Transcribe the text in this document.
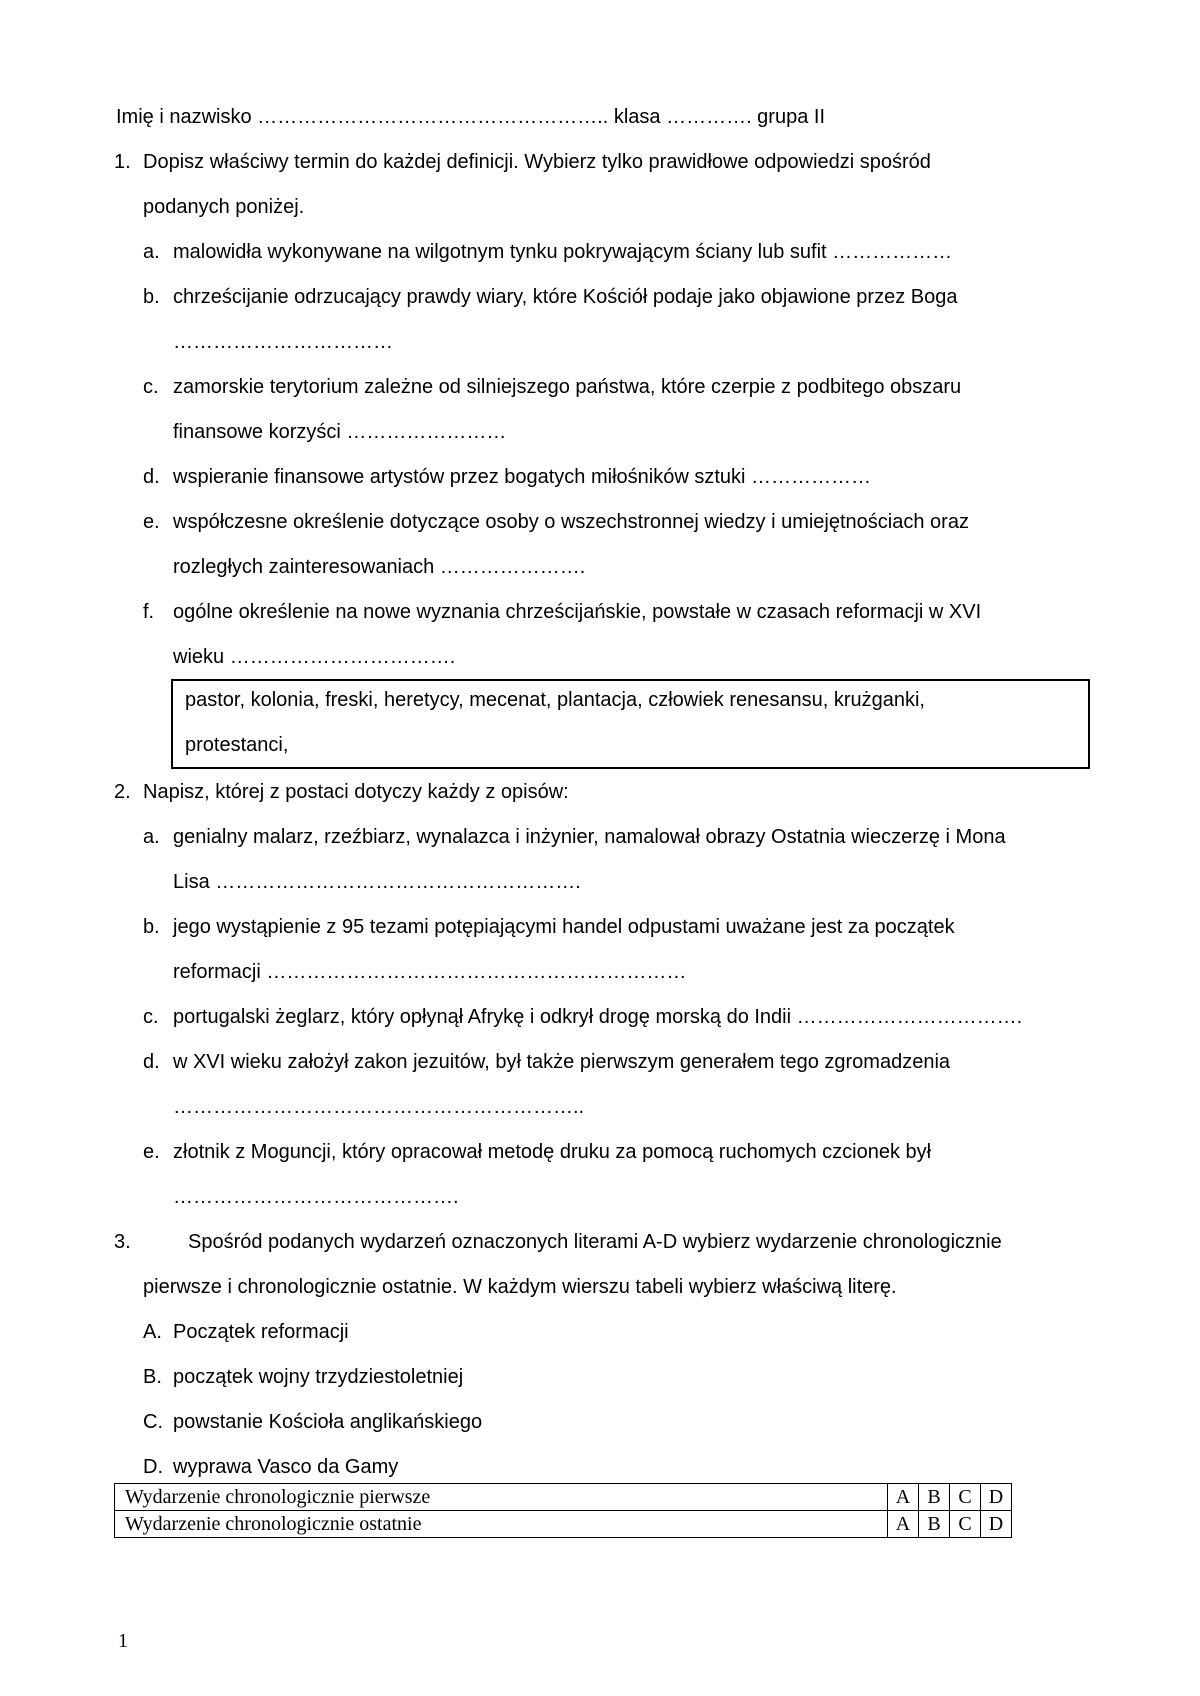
Imię i nazwisko …………………………………………….. klasa …………. grupa II
1. Dopisz właściwy termin do każdej definicji. Wybierz tylko prawidłowe odpowiedzi spośród
podanych poniżej.
a. malowidła wykonywane na wilgotnym tynku pokrywającym ściany lub sufit ………………
b. chrześcijanie odrzucający prawdy wiary, które Kościół podaje jako objawione przez Boga
……………………………
c. zamorskie terytorium zależne od silniejszego państwa, które czerpie z podbitego obszaru
finansowe korzyści ……………………
d. wspieranie finansowe artystów przez bogatych miłośników sztuki ………………
e. współczesne określenie dotyczące osoby o wszechstronnej wiedzy i umiejętnościach oraz
rozległych zainteresowaniach ………………….
f. ogólne określenie na nowe wyznania chrześcijańskie, powstałe w czasach reformacji w XVI
wieku …………………………….
pastor, kolonia, freski, heretycy, mecenat, plantacja, człowiek renesansu, krużganki,
protestanci,
2. Napisz, której z postaci dotyczy każdy z opisów:
a. genialny malarz, rzeźbiarz, wynalazca i inżynier, namalował obrazy Ostatnia wieczerzę i Mona
Lisa ……………………………………………….
b. jego wystąpienie z 95 tezami potępiającymi handel odpustami uważane jest za początek
reformacji ………………………………………………………
c. portugalski żeglarz, który opłynął Afrykę i odkrył drogę morską do Indii …………………………….
d. w XVI wieku założył zakon jezuitów, był także pierwszym generałem tego zgromadzenia
……………………………………………………..
e. złotnik z Moguncji, który opracował metodę druku za pomocą ruchomych czcionek był
…………………………………….
3.	Spośród podanych wydarzeń oznaczonych literami A-D wybierz wydarzenie chronologicznie
pierwsze i chronologicznie ostatnie. W każdym wierszu tabeli wybierz właściwą literę.
A. Początek reformacji
B. początek wojny trzydziestoletniej
C. powstanie Kościoła anglikańskiego
D. wyprawa Vasco da Gamy
Wydarzenie chronologicznie pierwsze	A	B	C	D
Wydarzenie chronologicznie ostatnie	A	B	C	D
1
